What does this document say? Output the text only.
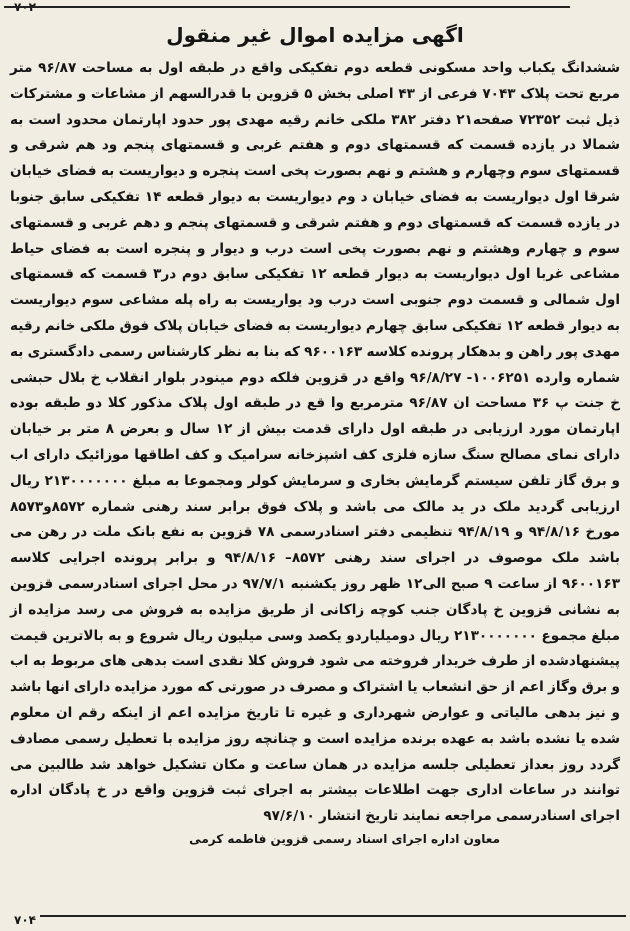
۷۰۲
اگهی مزایده اموال غیر منقول

ششدانگ یکباب واحد مسکونی قطعه دوم تفکیکی واقع در طبقه اول به مساحت ۹۶/۸۷ متر مربع تحت پلاک ۷۰۴۳ فرعی از ۴۳ اصلی بخش ۵ قزوین با قدرالسهم از مشاعات و مشترکات ذیل ثبت ۷۲۳۵۲ صفحه۲۱ دفتر ۳۸۲ ملکی خانم رقیه مهدی پور حدود اپارتمان محدود است به شمالا در یازده قسمت که قسمتهای دوم و هفتم غربی و قسمتهای پنجم ود هم شرقی و قسمتهای سوم وچهارم و هشتم و نهم بصورت پخی است پنجره و دیواریست به فضای خیابان شرقا اول دیواریست به فضای خیابان د وم دیواریست به دیوار قطعه ۱۴ تفکیکی سابق جنوبا در یازده قسمت که قسمتهای دوم و هفتم شرقی و قسمتهای پنجم و دهم غربی و قسمتهای سوم و چهارم وهشتم و نهم بصورت پخی است درب و دیوار و پنجره است به فضای حیاط مشاعی غربا اول دیواریست به دیوار قطعه ۱۲ تفکیکی سابق دوم در۳ قسمت که قسمتهای اول شمالی و قسمت دوم جنوبی است درب ود یواریست به راه پله مشاعی سوم دیواریست به دیوار قطعه ۱۲ تفکیکی سابق چهارم دیواریست به فضای خیابان پلاک فوق ملکی خانم رقیه مهدی پور راهن و بدهکار پرونده کلاسه ۹۶۰۰۱۶۳ که بنا به نظر کارشناس رسمی دادگستری به شماره وارده ۱۰۰۶۲۵۱- ۹۶/۸/۲۷ واقع در قزوین فلکه دوم مینودر بلوار انقلاب خ بلال حبشی خ جنت پ ۳۶ مساحت ان ۹۶/۸۷ مترمربع وا قع در طبقه اول پلاک مذکور کلا دو طبقه بوده اپارتمان مورد ارزیابی در طبقه اول دارای قدمت بیش از ۱۲ سال و بعرض ۸ متر بر خیابان دارای نمای مصالح سنگ سازه فلزی کف اشپزخانه سرامیک و کف اطاقها موزائیک دارای اب و برق گاز تلفن سیستم گرمایش بخاری و سرمایش کولر ومجموعا به مبلغ ۲۱۳۰۰۰۰۰۰۰ ریال ارزیابی گردید ملک در ید مالک می باشد و پلاک فوق برابر سند رهنی شماره ۸۵۷۲و۸۵۷۳ مورخ ۹۴/۸/۱۶ و ۹۴/۸/۱۹ تنظیمی دفتر اسنادرسمی ۷۸ قزوین به نفع بانک ملت در رهن می باشد ملک موصوف در اجرای سند رهنی ۸۵۷۲– ۹۴/۸/۱۶ و برابر پرونده اجرایی کلاسه ۹۶۰۰۱۶۳ از ساعت ۹ صبح الی۱۲ ظهر روز یکشنبه ۹۷/۷/۱ در محل اجرای اسنادرسمی قزوین به نشانی قزوین خ پادگان جنب کوچه زاکانی از طریق مزایده به فروش می رسد مزایده از مبلغ مجموع ۲۱۳۰۰۰۰۰۰۰ ریال دومیلیاردو یکصد وسی میلیون ریال شروع و به بالاترین قیمت پیشنهادشده از طرف خریدار فروخته می شود فروش کلا نقدی است بدهی های مربوط به اب و برق وگاز اعم از حق انشعاب یا اشتراک و مصرف در صورتی که مورد مزایده دارای انها باشد و نیز بدهی مالیاتی و عوارض شهرداری و غیره تا تاریخ مزایده اعم از اینکه رقم ان معلوم شده یا نشده باشد به عهده برنده مزایده است و چنانچه روز مزایده با تعطیل رسمی مصادف گردد روز بعداز تعطیلی جلسه مزایده در همان ساعت و مکان تشکیل خواهد شد طالبین می توانند در ساعات اداری جهت اطلاعات بیشتر به اجرای ثبت قزوین واقع در خ پادگان اداره اجرای اسنادرسمی مراجعه نمایند تاریخ انتشار ۹۷/۶/۱۰

معاون اداره اجرای اسناد رسمی قزوین فاطمه کرمی
۷۰۴
